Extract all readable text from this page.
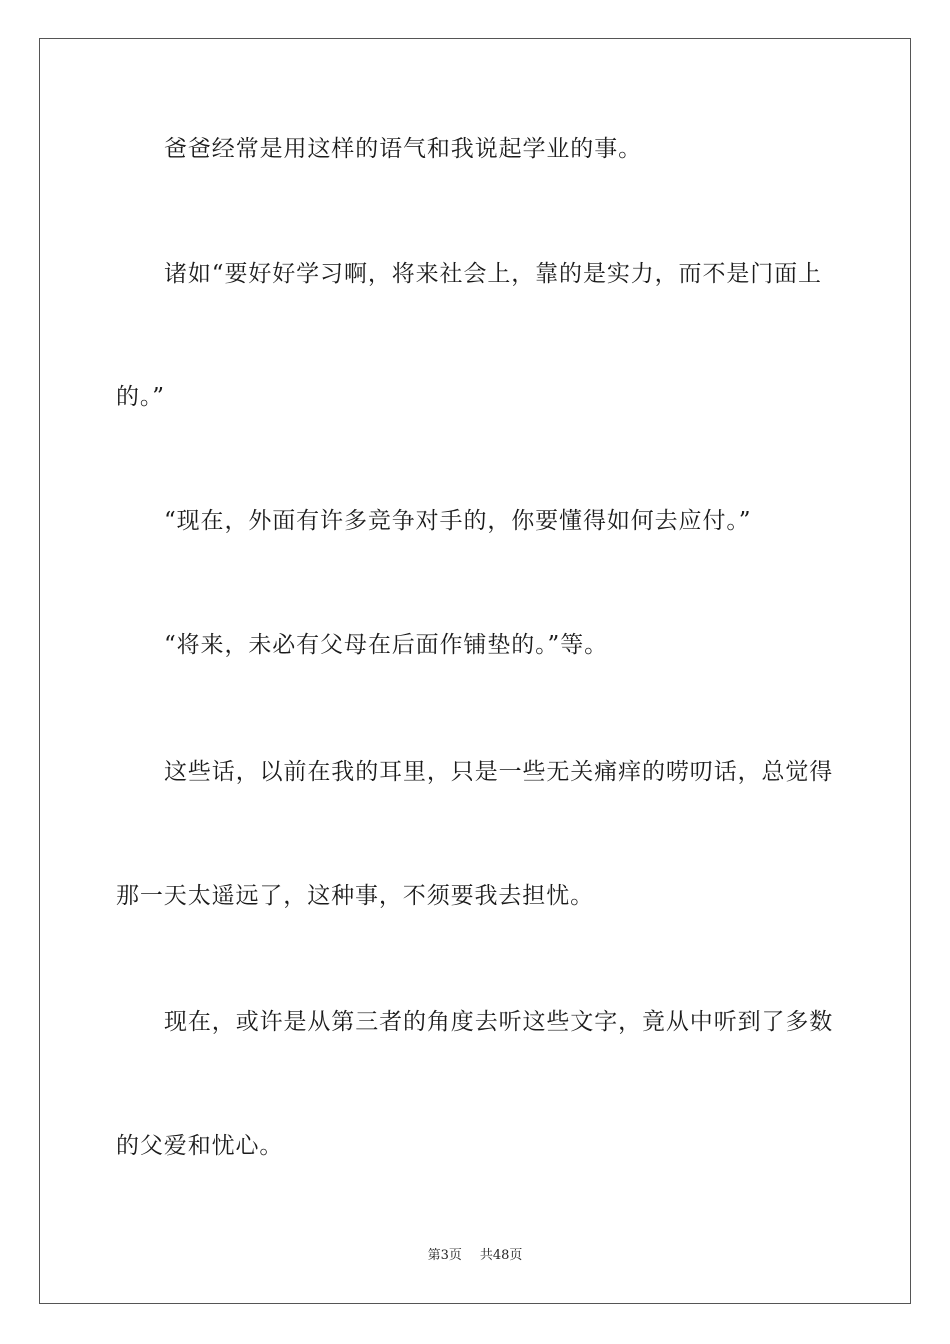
爸爸经常是用这样的语气和我说起学业的事。
诸如“要好好学习啊，将来社会上，靠的是实力，而不是门面上
的。”
“现在，外面有许多竞争对手的，你要懂得如何去应付。”
“将来，未必有父母在后面作铺垫的。”等。
这些话，以前在我的耳里，只是一些无关痛痒的唠叨话，总觉得
那一天太遥远了，这种事，不须要我去担忧。
现在，或许是从第三者的角度去听这些文字，竟从中听到了多数
的父爱和忧心。
第3页 共48页
